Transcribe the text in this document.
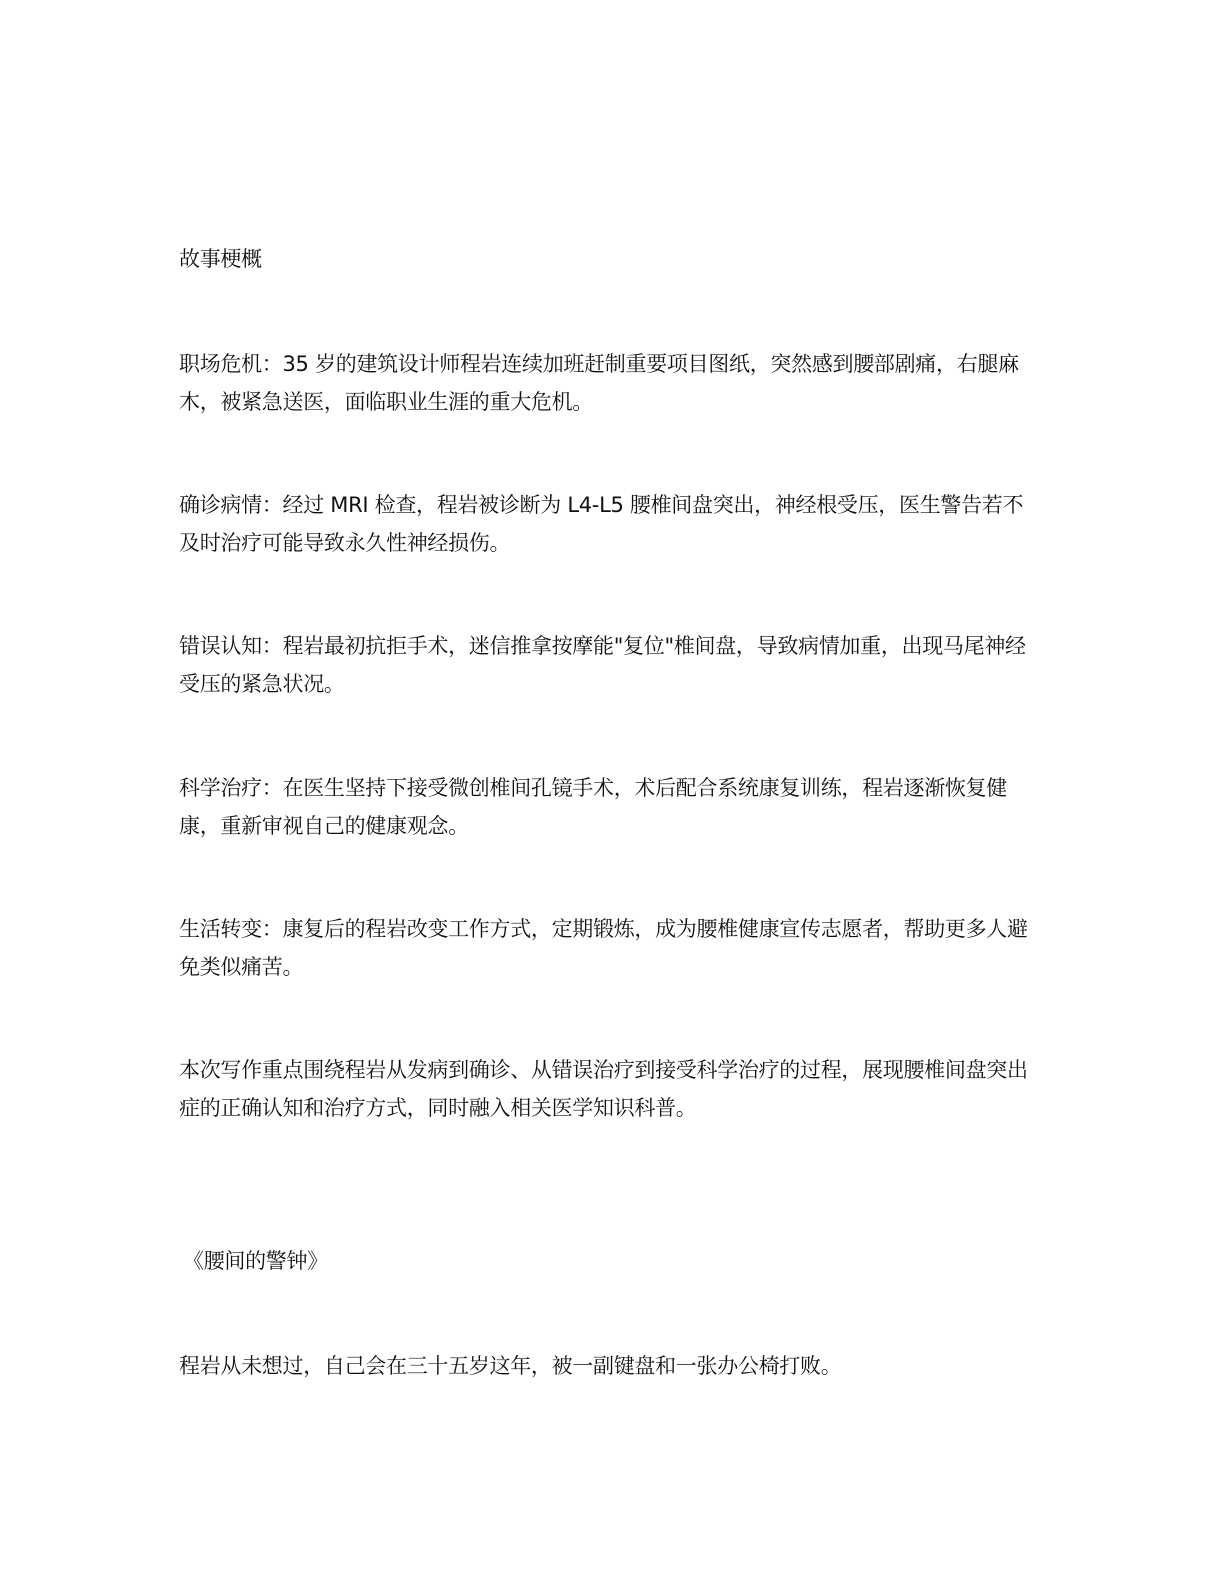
故事梗概

职场危机：35 岁的建筑设计师程岩连续加班赶制重要项目图纸，突然感到腰部剧痛，右腿麻木，被紧急送医，面临职业生涯的重大危机。

确诊病情：经过 MRI 检查，程岩被诊断为 L4-L5 腰椎间盘突出，神经根受压，医生警告若不及时治疗可能导致永久性神经损伤。

错误认知：程岩最初抗拒手术，迷信推拿按摩能"复位"椎间盘，导致病情加重，出现马尾神经受压的紧急状况。

科学治疗：在医生坚持下接受微创椎间孔镜手术，术后配合系统康复训练，程岩逐渐恢复健康，重新审视自己的健康观念。

生活转变：康复后的程岩改变工作方式，定期锻炼，成为腰椎健康宣传志愿者，帮助更多人避免类似痛苦。

本次写作重点围绕程岩从发病到确诊、从错误治疗到接受科学治疗的过程，展现腰椎间盘突出症的正确认知和治疗方式，同时融入相关医学知识科普。

《腰间的警钟》

程岩从未想过，自己会在三十五岁这年，被一副键盘和一张办公椅打败。
